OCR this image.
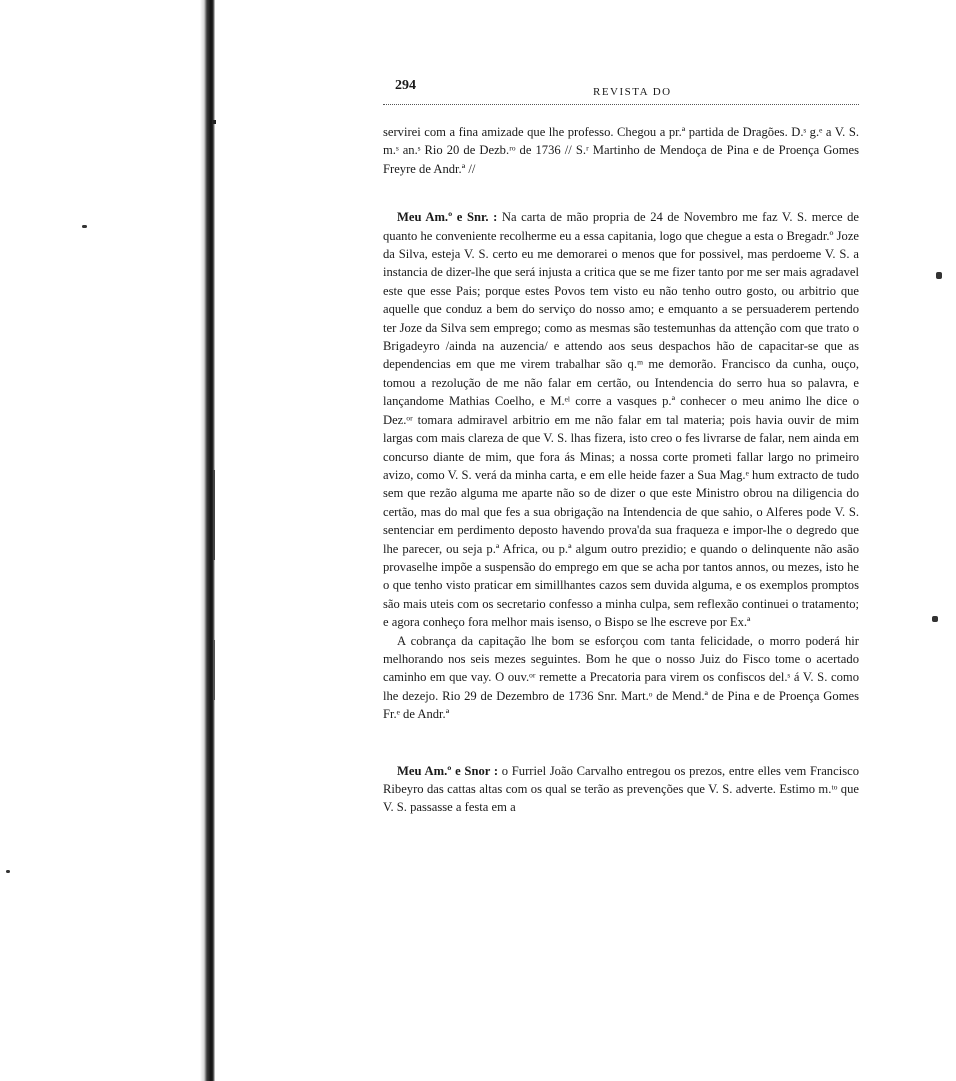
294	REVISTA DO

servirei com a fina amizade que lhe professo. Chegou a pr.ª partida de Dragões. D.ˢ g.ᵉ a V. S. m.ˢ an.ˢ Rio 20 de Dezb.ʳᵒ de 1736 // S.ʳ Martinho de Mendoça de Pina e de Proença Gomes Freyre de Andr.ª //

Meu Am.º e Snr. : Na carta de mão propria de 24 de Novembro me faz V. S. merce de quanto he conveniente recolherme eu a essa capitania, logo que chegue a esta o Bregadr.º Joze da Silva, esteja V. S. certo eu me demorarei o menos que for possivel, mas perdoeme V. S. a instancia de dizer-lhe que será injusta a critica que se me fizer tanto por me ser mais agradavel este que esse Pais; porque estes Povos tem visto eu não tenho outro gosto, ou arbitrio que aquelle que conduz a bem do serviço do nosso amo; e emquanto a se persuaderem pertendo ter Joze da Silva sem emprego; como as mesmas são testemunhas da attenção com que trato o Brigadeyro /ainda na auzencia/ e attendo aos seus despachos hão de capacitar-se que as dependencias em que me virem trabalhar são q.ᵐ me demorão. Francisco da cunha, ouço, tomou a rezolução de me não falar em certão, ou Intendencia do serro hua so palavra, e lançandome Mathias Coelho, e M.ᵉˡ corre a vasques p.ª conhecer o meu animo lhe dice o Dez.ᵒʳ tomara admiravel arbitrio em me não falar em tal materia; pois havia ouvir de mim largas com mais clareza de que V. S. lhas fizera, isto creo o fes livrarse de falar, nem ainda em concurso diante de mim, que fora ás Minas; a nossa corte prometi fallar largo no primeiro avizo, como V. S. verá da minha carta, e em elle heide fazer a Sua Mag.ᵉ hum extracto de tudo sem que rezão alguma me aparte não so de dizer o que este Ministro obrou na diligencia do certão, mas do mal que fes a sua obrigação na Intendencia de que sahio, o Alferes pode V. S. sentenciar em perdimento deposto havendo prova'da sua fraqueza e impor-lhe o degredo que lhe parecer, ou seja p.ª Africa, ou p.ª algum outro prezidio; e quando o delinquente não asão provaselhe impõe a suspensão do emprego em que se acha por tantos annos, ou mezes, isto he o que tenho visto praticar em simillhantes cazos sem duvida alguma, e os exemplos promptos são mais uteis com os secretario confesso a minha culpa, sem reflexão continuei o tratamento; e agora conheço fora melhor mais isenso, o Bispo se lhe escreve por Ex.ª

A cobrança da capitação lhe bom se esforçou com tanta felicidade, o morro poderá hir melhorando nos seis mezes seguintes. Bom he que o nosso Juiz do Fisco tome o acertado caminho em que vay. O ouv.ᵒʳ remette a Precatoria para virem os confiscos del.ˢ á V. S. como lhe dezejo. Rio 29 de Dezembro de 1736 Snr. Mart.ᵒ de Mend.ª de Pina e de Proença Gomes Fr.ᵉ de Andr.ª

Meu Am.º e Snor : o Furriel João Carvalho entregou os prezos, entre elles vem Francisco Ribeyro das cattas altas com os qual se terão as prevenções que V. S. adverte. Estimo m.ᵗᵒ que V. S. passasse a festa em a
